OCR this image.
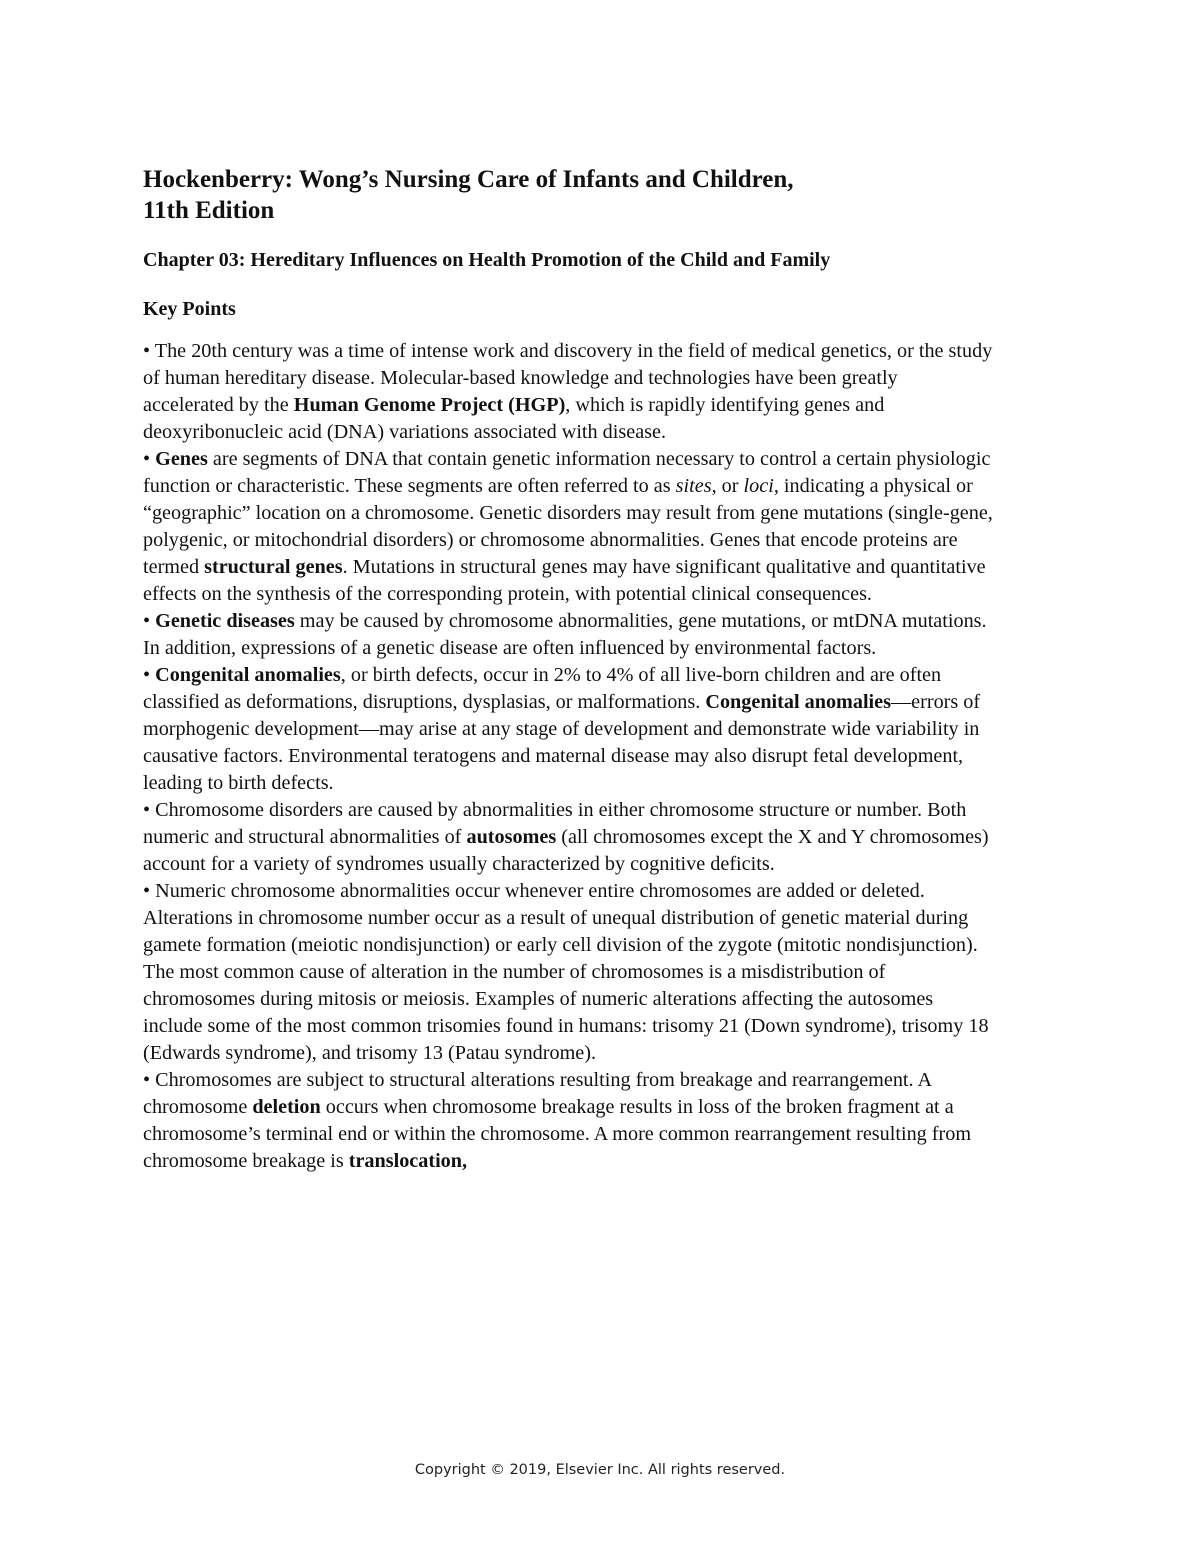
Hockenberry: Wong’s Nursing Care of Infants and Children,
11th Edition

Chapter 03: Hereditary Influences on Health Promotion of the Child and Family

Key Points

• The 20th century was a time of intense work and discovery in the field of medical genetics, or the study of human hereditary disease. Molecular-based knowledge and technologies have been greatly accelerated by the Human Genome Project (HGP), which is rapidly identifying genes and deoxyribonucleic acid (DNA) variations associated with disease.

• Genes are segments of DNA that contain genetic information necessary to control a certain physiologic function or characteristic. These segments are often referred to as sites, or loci, indicating a physical or “geographic” location on a chromosome. Genetic disorders may result from gene mutations (single-gene, polygenic, or mitochondrial disorders) or chromosome abnormalities. Genes that encode proteins are termed structural genes. Mutations in structural genes may have significant qualitative and quantitative effects on the synthesis of the corresponding protein, with potential clinical consequences.

• Genetic diseases may be caused by chromosome abnormalities, gene mutations, or mtDNA mutations. In addition, expressions of a genetic disease are often influenced by environmental factors.

• Congenital anomalies, or birth defects, occur in 2% to 4% of all live-born children and are often classified as deformations, disruptions, dysplasias, or malformations. Congenital anomalies—errors of morphogenic development—may arise at any stage of development and demonstrate wide variability in causative factors. Environmental teratogens and maternal disease may also disrupt fetal development, leading to birth defects.

• Chromosome disorders are caused by abnormalities in either chromosome structure or number. Both numeric and structural abnormalities of autosomes (all chromosomes except the X and Y chromosomes) account for a variety of syndromes usually characterized by cognitive deficits.

• Numeric chromosome abnormalities occur whenever entire chromosomes are added or deleted. Alterations in chromosome number occur as a result of unequal distribution of genetic material during gamete formation (meiotic nondisjunction) or early cell division of the zygote (mitotic nondisjunction). The most common cause of alteration in the number of chromosomes is a misdistribution of chromosomes during mitosis or meiosis. Examples of numeric alterations affecting the autosomes include some of the most common trisomies found in humans: trisomy 21 (Down syndrome), trisomy 18 (Edwards syndrome), and trisomy 13 (Patau syndrome).

• Chromosomes are subject to structural alterations resulting from breakage and rearrangement. A chromosome deletion occurs when chromosome breakage results in loss of the broken fragment at a chromosome’s terminal end or within the chromosome. A more common rearrangement resulting from chromosome breakage is translocation,

Copyright © 2019, Elsevier Inc. All rights reserved.
